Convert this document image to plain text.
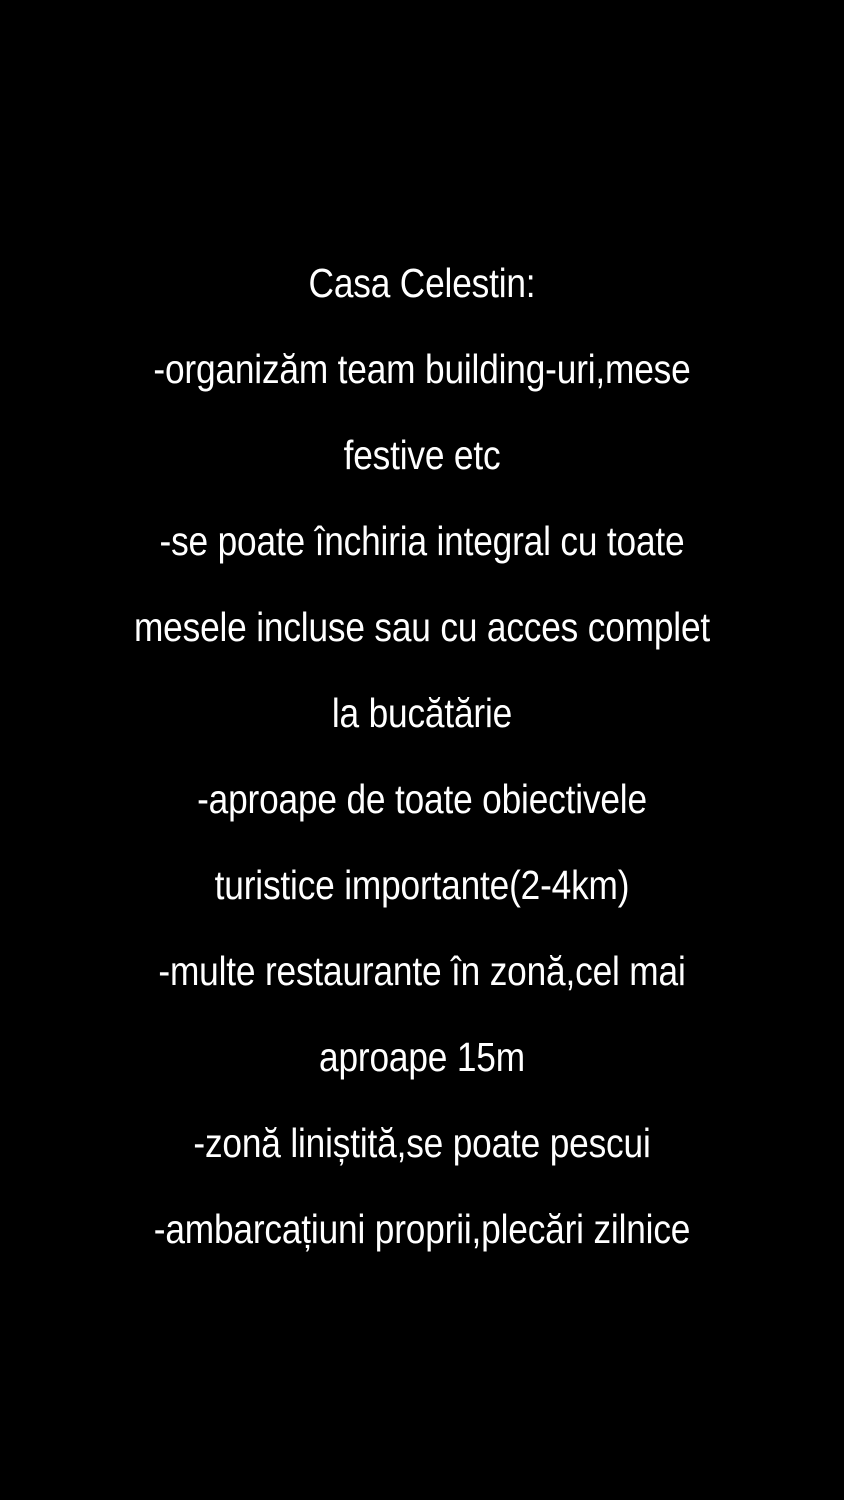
Casa Celestin:
-organizăm team building-uri,mese
festive etc
-se poate închiria integral cu toate
mesele incluse sau cu acces complet
la bucătărie
-aproape de toate obiectivele
turistice importante(2-4km)
-multe restaurante în zonă,cel mai
aproape 15m
-zonă liniștită,se poate pescui
-ambarcațiuni proprii,plecări zilnice
